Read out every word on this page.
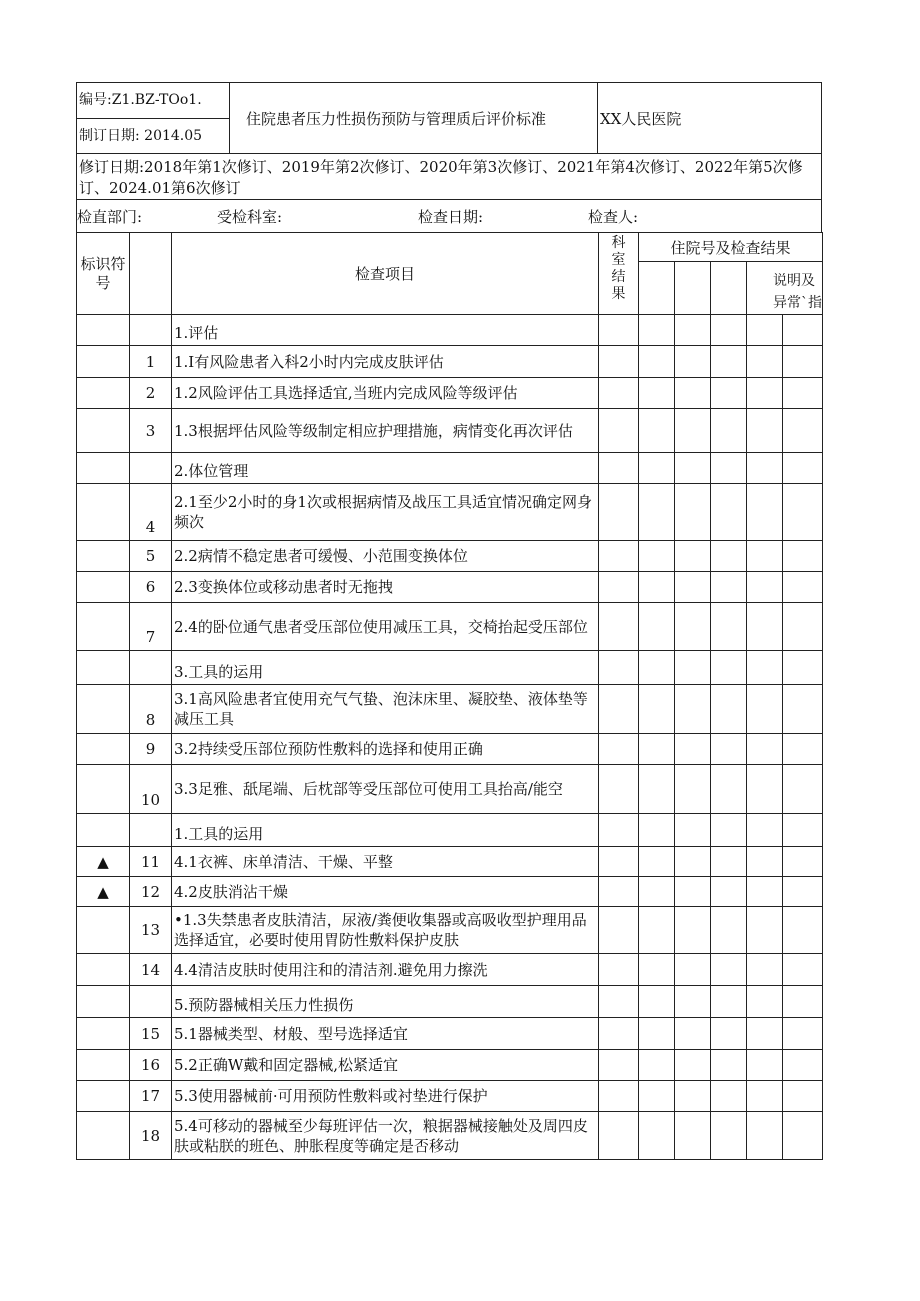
编号:Z1.BZ-TOo1.
制订日期: 2014.05
住院患者压力性损伤预防与管理质后评价标准	XX人民医院
修订日期:2018年第1次修订、2019年第2次修订、2020年第3次修订、2021年第4次修订、2022年第5次修订、2024.01第6次修订
检直部门:	受检科室:	检查日期:	检查人:
标识符号		检查项目	科室结果	住院号及检查结果				

							说明及异常`指	

		1.评估						
	1	1.I有风险患者入科2小时内完成皮肤评估						
	2	1.2风险评估工具选择适宜,当班内完成风险等级评估						
	3	1.3根据坪估风险等级制定相应护理措施，病情变化再次评估						
		2.体位管理						
	4	2.1至少2小时的身1次或根据病情及战压工具适宜情况确定网身频次						
	5	2.2病情不稳定患者可缓慢、小范围变换体位						
	6	2.3变换体位或移动患者时无拖拽						
	7	2.4的卧位通气患者受压部位使用减压工具，交椅抬起受压部位						
		3.工具的运用						
	8	3.1高风险患者宜使用充气气蛰、泡沫床里、凝胶垫、液体垫等减压工具						
	9	3.2持续受压部位预防性敷料的选择和使用正确						
	10	3.3足雅、舐尾端、后枕部等受压部位可使用工具抬高/能空						
		1.工具的运用						
▲	11	4.1衣裤、床单清洁、干燥、平整						
▲	12	4.2皮肤消沾干燥						
	13	•1.3失禁患者皮肤清洁，尿液/粪便收集器或高吸收型护理用品选择适宜，必要时使用胃防性敷料保护皮肤						
	14	4.4清洁皮肤时使用注和的清洁剂.避免用力擦洗						
		5.预防器械相关压力性损伤						
	15	5.1器械类型、材般、型号选择适宜						
	16	5.2正确W戴和固定器械,松紧适宜						
	17	5.3使用器械前·可用预防性敷料或衬垫进行保护						
	18	5.4可移动的器械至少每班评估一次，粮据器械接触处及周四皮肤或粘朕的班色、肿胀程度等确定是否移动						
